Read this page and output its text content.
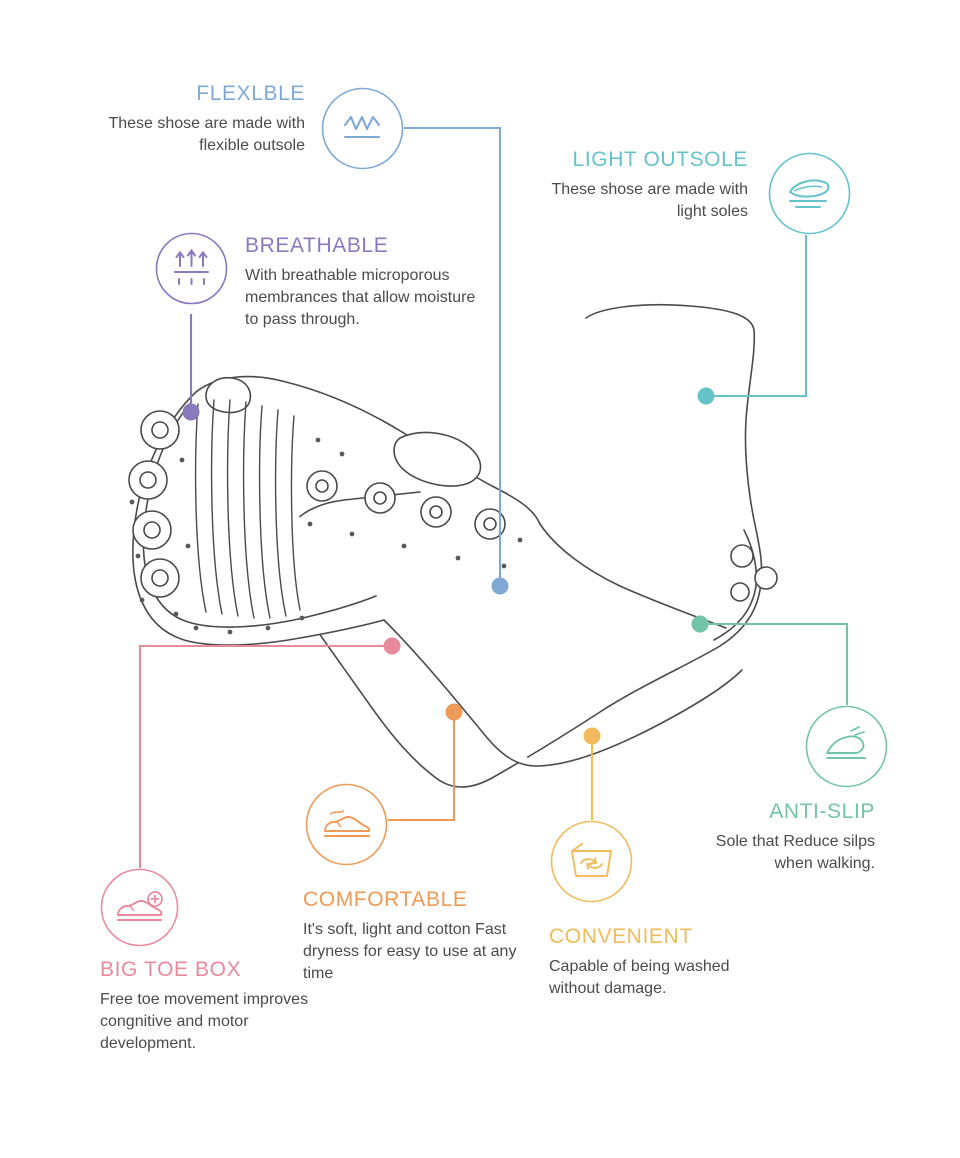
FLEXLBLE

These shose are made with flexible outsole

LIGHT OUTSOLE

These shose are made with light soles

BREATHABLE

With breathable microporous membrances that allow moisture to pass through.

BIG TOE BOX

Free toe movement improves congnitive and motor development.

COMFORTABLE

It's soft, light and cotton Fast dryness for easy to use at any time

CONVENIENT

Capable of being washed without damage.

ANTI-SLIP

Sole that Reduce silps when walking.
